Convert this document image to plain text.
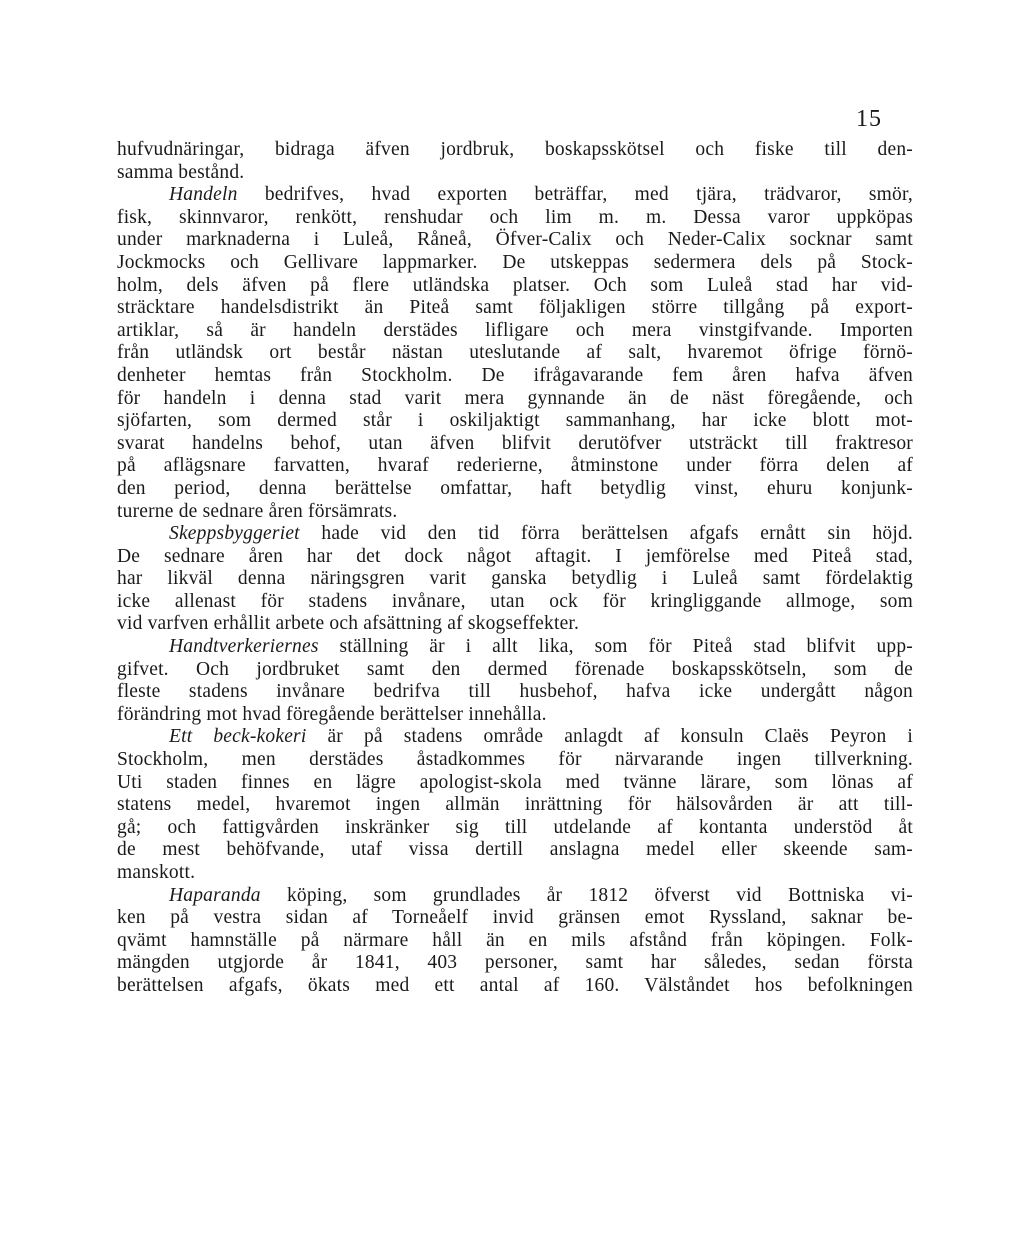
15
hufvudnäringar, bidraga äfven jordbruk, boskapsskötsel och fiske till den-
samma bestånd.
Handeln bedrifves, hvad exporten beträffar, med tjära, trädvaror, smör,
fisk, skinnvaror, renkött, renshudar och lim m. m. Dessa varor uppköpas
under marknaderna i Luleå, Råneå, Öfver-Calix och Neder-Calix socknar samt
Jockmocks och Gellivare lappmarker. De utskeppas sedermera dels på Stock-
holm, dels äfven på flere utländska platser. Och som Luleå stad har vid-
sträcktare handelsdistrikt än Piteå samt följakligen större tillgång på export-
artiklar, så är handeln derstädes lifligare och mera vinstgifvande. Importen
från utländsk ort består nästan uteslutande af salt, hvaremot öfrige förnö-
denheter hemtas från Stockholm. De ifrågavarande fem åren hafva äfven
för handeln i denna stad varit mera gynnande än de näst föregående, och
sjöfarten, som dermed står i oskiljaktigt sammanhang, har icke blott mot-
svarat handelns behof, utan äfven blifvit derutöfver utsträckt till fraktresor
på aflägsnare farvatten, hvaraf rederierne, åtminstone under förra delen af
den period, denna berättelse omfattar, haft betydlig vinst, ehuru konjunk-
turerne de sednare åren försämrats.
Skeppsbyggeriet hade vid den tid förra berättelsen afgafs ernått sin höjd.
De sednare åren har det dock något aftagit. I jemförelse med Piteå stad,
har likväl denna näringsgren varit ganska betydlig i Luleå samt fördelaktig
icke allenast för stadens invånare, utan ock för kringliggande allmoge, som
vid varfven erhållit arbete och afsättning af skogseffekter.
Handtverkeriernes ställning är i allt lika, som för Piteå stad blifvit upp-
gifvet. Och jordbruket samt den dermed förenade boskapsskötseln, som de
fleste stadens invånare bedrifva till husbehof, hafva icke undergått någon
förändring mot hvad föregående berättelser innehålla.
Ett beck-kokeri är på stadens område anlagdt af konsuln Claës Peyron i
Stockholm, men derstädes åstadkommes för närvarande ingen tillverkning.
Uti staden finnes en lägre apologist-skola med tvänne lärare, som lönas af
statens medel, hvaremot ingen allmän inrättning för hälsovården är att till-
gå; och fattigvården inskränker sig till utdelande af kontanta understöd åt
de mest behöfvande, utaf vissa dertill anslagna medel eller skeende sam-
manskott.
Haparanda köping, som grundlades år 1812 öfverst vid Bottniska vi-
ken på vestra sidan af Torneåelf invid gränsen emot Ryssland, saknar be-
qvämt hamnställe på närmare håll än en mils afstånd från köpingen. Folk-
mängden utgjorde år 1841, 403 personer, samt har således, sedan första
berättelsen afgafs, ökats med ett antal af 160. Välståndet hos befolkningen
